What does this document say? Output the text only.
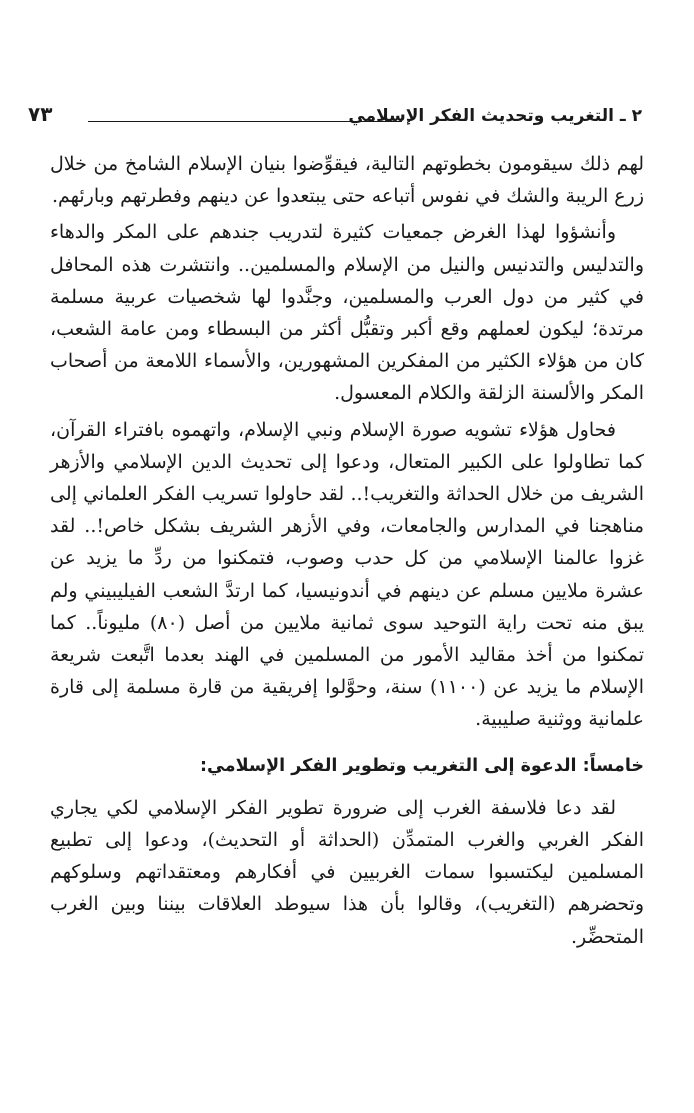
٧٣	٢ ـ التغريب وتحديث الفكر الإسلامي

لهم ذلك سيقومون بخطوتهم التالية، فيقوِّضوا بنيان الإسلام الشامخ من خلال زرع الريبة والشك في نفوس أتباعه حتى يبتعدوا عن دينهم وفطرتهم وبارئهم.

وأنشؤوا لهذا الغرض جمعيات كثيرة لتدريب جندهم على المكر والدهاء والتدليس والتدنيس والنيل من الإسلام والمسلمين.. وانتشرت هذه المحافل في كثير من دول العرب والمسلمين، وجنَّدوا لها شخصيات عربية مسلمة مرتدة؛ ليكون لعملهم وقع أكبر وتقبُّل أكثر من البسطاء ومن عامة الشعب، كان من هؤلاء الكثير من المفكرين المشهورين، والأسماء اللامعة من أصحاب المكر والألسنة الزلقة والكلام المعسول.

فحاول هؤلاء تشويه صورة الإسلام ونبي الإسلام، واتهموه بافتراء القرآن، كما تطاولوا على الكبير المتعال، ودعوا إلى تحديث الدين الإسلامي والأزهر الشريف من خلال الحداثة والتغريب!.. لقد حاولوا تسريب الفكر العلماني إلى مناهجنا في المدارس والجامعات، وفي الأزهر الشريف بشكل خاص!.. لقد غزوا عالمنا الإسلامي من كل حدب وصوب، فتمكنوا من ردِّ ما يزيد عن عشرة ملايين مسلم عن دينهم في أندونيسيا، كما ارتدَّ الشعب الفيليبيني ولم يبق منه تحت راية التوحيد سوى ثمانية ملايين من أصل (٨٠) مليوناً.. كما تمكنوا من أخذ مقاليد الأمور من المسلمين في الهند بعدما اتَّبعت شريعة الإسلام ما يزيد عن (١١٠٠) سنة، وحوَّلوا إفريقية من قارة مسلمة إلى قارة علمانية ووثنية صليبية.

خامساً: الدعوة إلى التغريب وتطوير الفكر الإسلامي:

لقد دعا فلاسفة الغرب إلى ضرورة تطوير الفكر الإسلامي لكي يجاري الفكر الغربي والغرب المتمدِّن (الحداثة أو التحديث)، ودعوا إلى تطبيع المسلمين ليكتسبوا سمات الغربيين في أفكارهم ومعتقداتهم وسلوكهم وتحضرهم (التغريب)، وقالوا بأن هذا سيوطد العلاقات بيننا وبين الغرب المتحضِّر.
